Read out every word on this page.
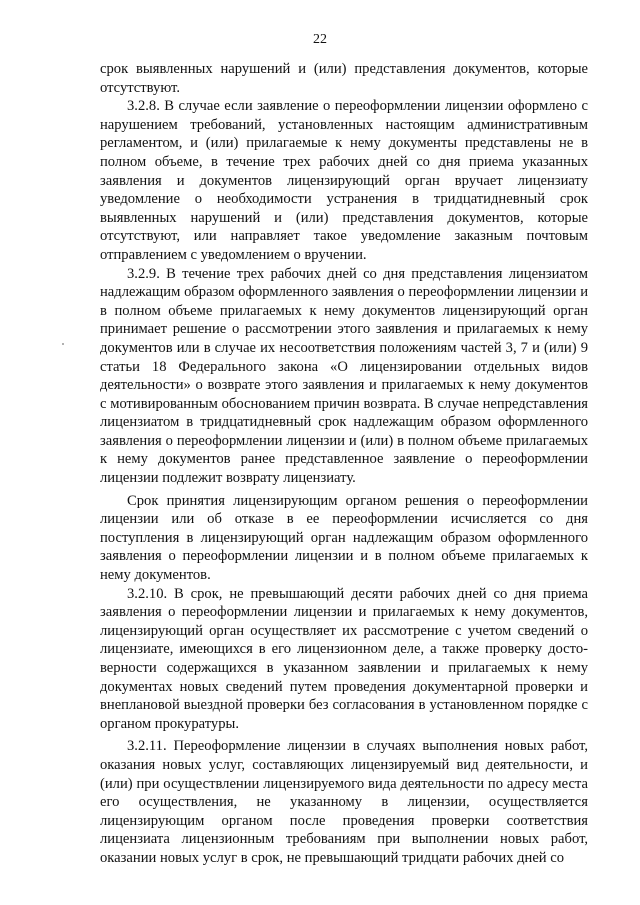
22

срок выявленных нарушений и (или) представления документов, которые отсутствуют.

3.2.8. В случае если заявление о переоформлении лицензии оформлено с нарушением требований, установленных настоящим административным регламентом, и (или) прилагаемые к нему документы представлены не в полном объеме, в течение трех рабочих дней со дня приема указанных заявления и документов лицензирующий орган вручает лицензиату уведомление о необходимости устранения в тридцатидневный срок выявленных нарушений и (или) представления документов, которые отсутствуют, или направляет такое уведомление заказным почтовым отправлением с уведомлением о вручении.

3.2.9. В течение трех рабочих дней со дня представления лицензиатом надлежащим образом оформленного заявления о переоформлении лицензии и в полном объеме прилагаемых к нему документов лицензирующий орган принимает решение о рассмотрении этого заявления и прилагаемых к нему документов или в случае их несоответствия положениям частей 3, 7 и (или) 9 статьи 18 Федерального закона «О лицензировании отдельных видов деятельности» о возврате этого заявления и прилагаемых к нему документов с мотивированным обоснованием причин возврата. В случае непредставления лицензиатом в тридцатидневный срок надлежащим образом оформленного заявления о переоформлении лицензии и (или) в полном объеме прилагаемых к нему документов ранее представленное заявление о переоформлении лицензии подлежит возврату лицензиату.

Срок принятия лицензирующим органом решения о переоформлении лицензии или об отказе в ее переоформлении исчисляется со дня поступления в лицензирующий орган надлежащим образом оформленного заявления о переоформлении лицензии и в полном объеме прилагаемых к нему документов.

3.2.10. В срок, не превышающий десяти рабочих дней со дня приема заявления о переоформлении лицензии и прилагаемых к нему документов, лицензирующий орган осуществляет их рассмотрение с учетом сведений о лицензиате, имеющихся в его лицензионном деле, а также проверку достоверности содержащихся в указанном заявлении и прилагаемых к нему документах новых сведений путем проведения документарной проверки и внеплановой выездной проверки без согласования в установленном порядке с органом прокуратуры.

3.2.11. Переоформление лицензии в случаях выполнения новых работ, оказания новых услуг, составляющих лицензируемый вид деятельности, и (или) при осуществлении лицензируемого вида деятельности по адресу места его осуществления, не указанному в лицензии, осуществляется лицензирующим органом после проведения проверки соответствия лицензиата лицензионным требованиям при выполнении новых работ, оказании новых услуг в срок, не превышающий тридцати рабочих дней со
